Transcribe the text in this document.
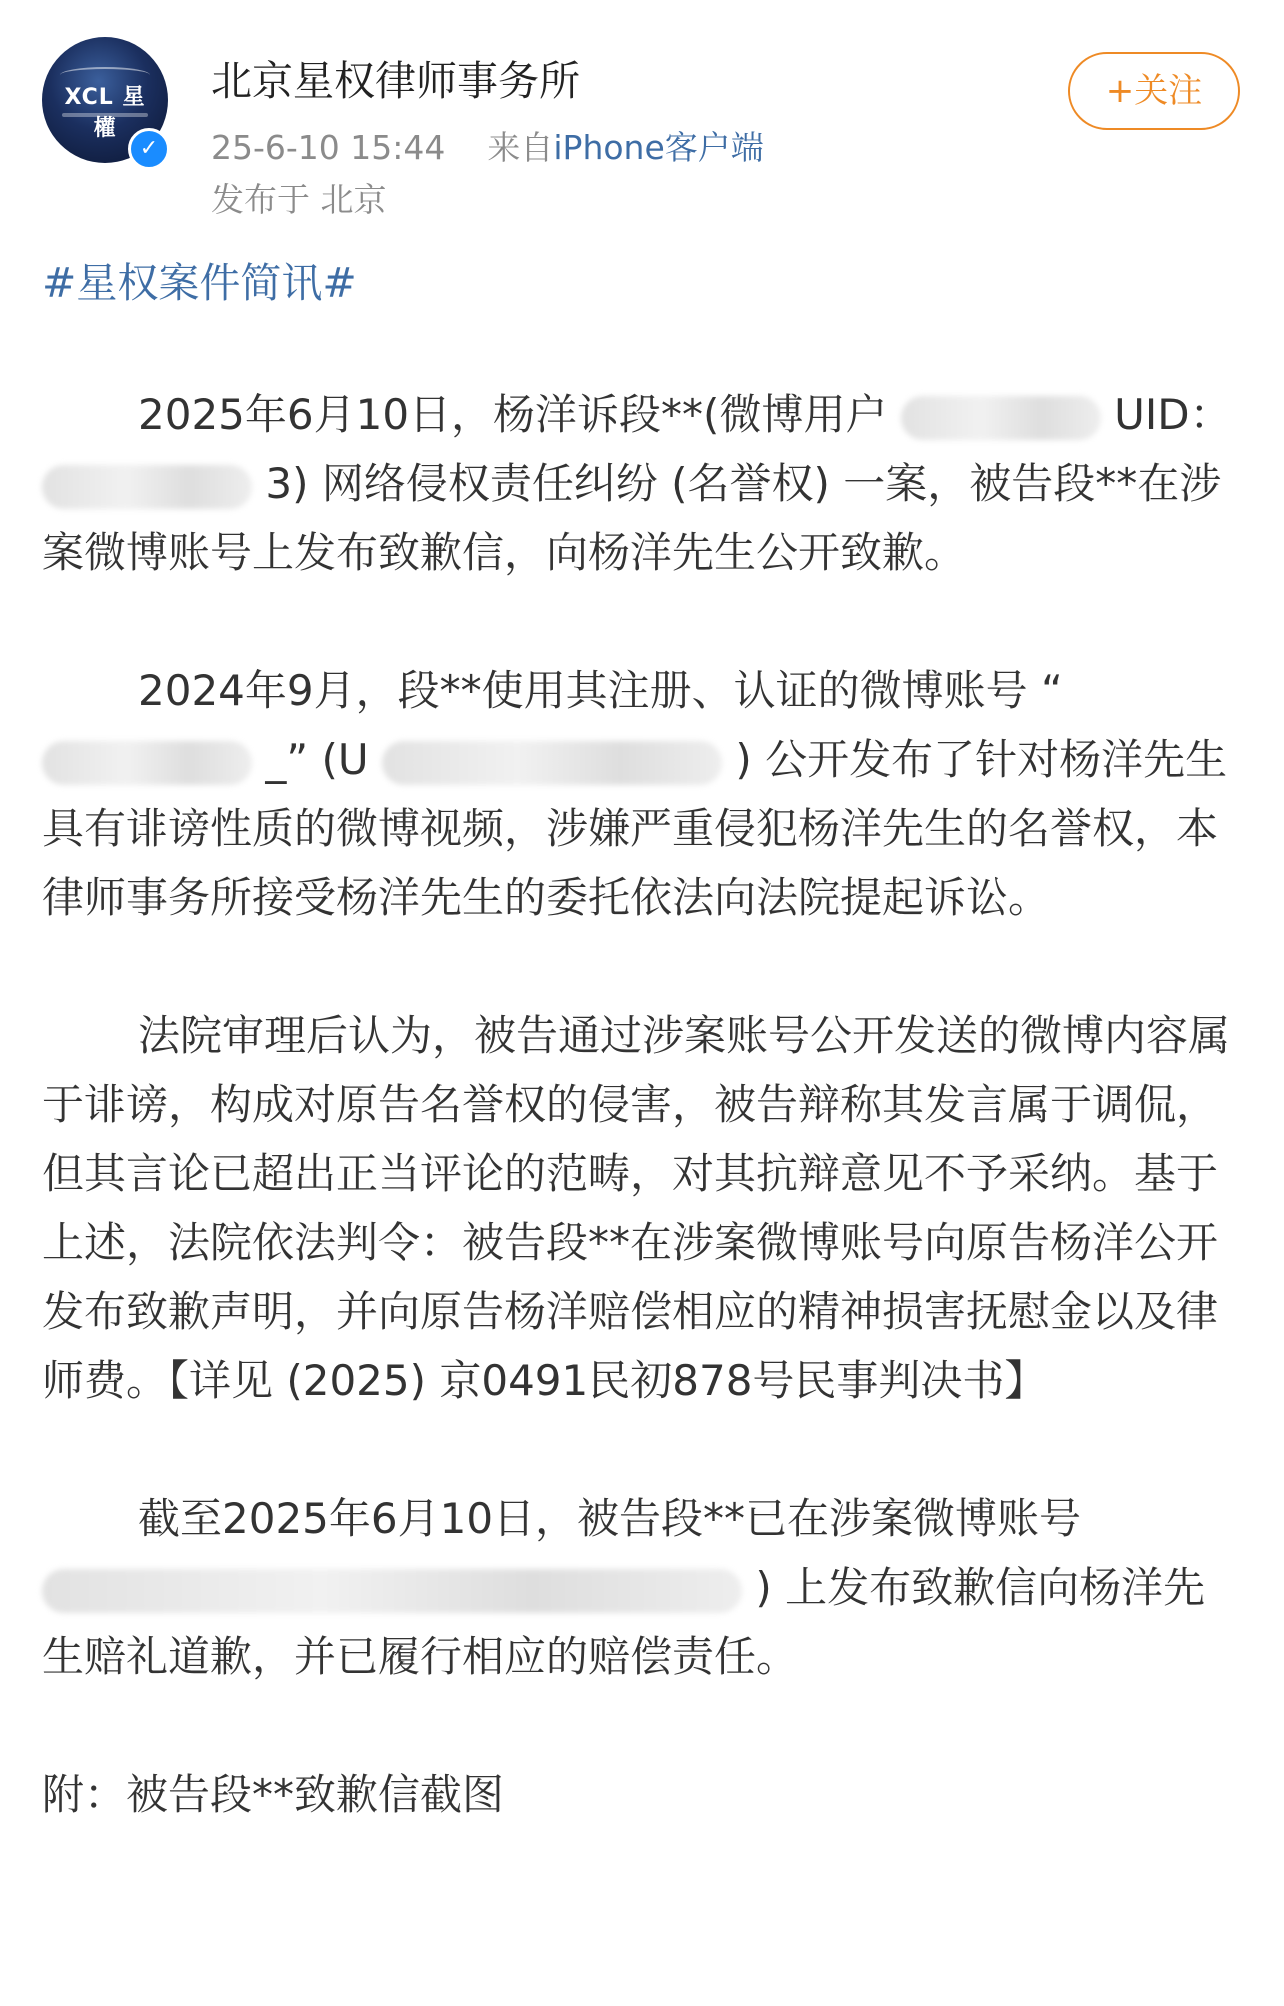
XCL 星權
✓
北京星权律师事务所
25-6-10 15:44 来自iPhone客户端
发布于 北京
+关注
#星权案件简讯#

2025年6月10日，杨洋诉段**(微博用户	UID：  3) 网络侵权责任纠纷 (名誉权) 一案，被告段**在涉案微博账号上发布致歉信，向杨洋先生公开致歉。

2024年9月，段**使用其注册、认证的微博账号 “  _” (U	) 公开发布了针对杨洋先生具有诽谤性质的微博视频，涉嫌严重侵犯杨洋先生的名誉权，本律师事务所接受杨洋先生的委托依法向法院提起诉讼。

法院审理后认为，被告通过涉案账号公开发送的微博内容属于诽谤，构成对原告名誉权的侵害，被告辩称其发言属于调侃，但其言论已超出正当评论的范畴，对其抗辩意见不予采纳。基于上述，法院依法判令：被告段**在涉案微博账号向原告杨洋公开发布致歉声明，并向原告杨洋赔偿相应的精神损害抚慰金以及律师费。【详见 (2025) 京0491民初878号民事判决书】

截至2025年6月10日，被告段**已在涉案微博账号  ) 上发布致歉信向杨洋先生赔礼道歉，并已履行相应的赔偿责任。

附：被告段**致歉信截图
